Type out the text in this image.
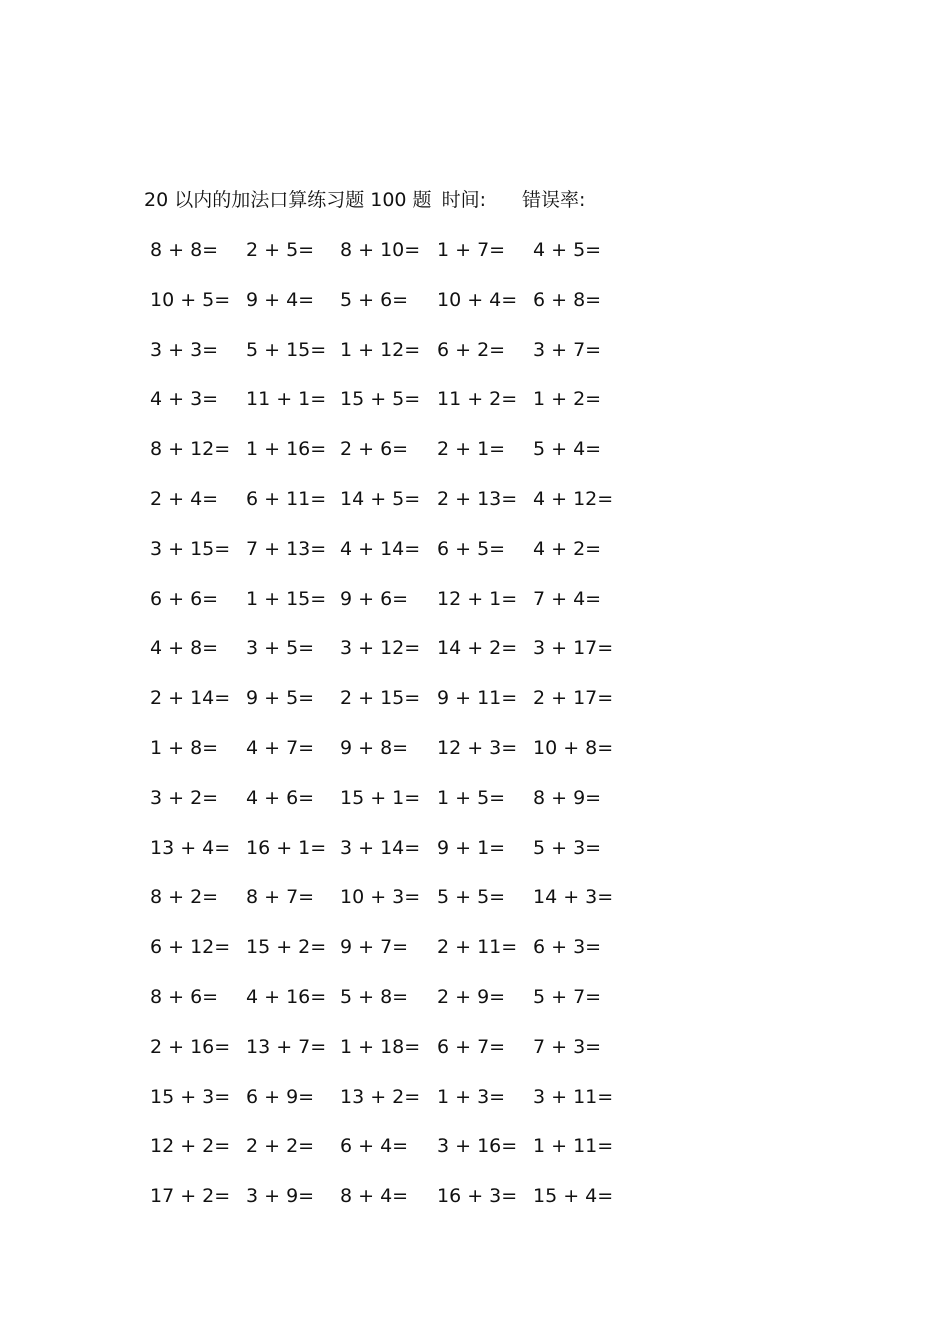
20 以内的加法口算练习题 100 题 时间: 错误率:
8 + 8= 2 + 5= 8 + 10= 1 + 7= 4 + 5=
10 + 5= 9 + 4= 5 + 6= 10 + 4= 6 + 8=
3 + 3= 5 + 15= 1 + 12= 6 + 2= 3 + 7=
4 + 3= 11 + 1= 15 + 5= 11 + 2= 1 + 2=
8 + 12= 1 + 16= 2 + 6= 2 + 1= 5 + 4=
2 + 4= 6 + 11= 14 + 5= 2 + 13= 4 + 12=
3 + 15= 7 + 13= 4 + 14= 6 + 5= 4 + 2=
6 + 6= 1 + 15= 9 + 6= 12 + 1= 7 + 4=
4 + 8= 3 + 5= 3 + 12= 14 + 2= 3 + 17=
2 + 14= 9 + 5= 2 + 15= 9 + 11= 2 + 17=
1 + 8= 4 + 7= 9 + 8= 12 + 3= 10 + 8=
3 + 2= 4 + 6= 15 + 1= 1 + 5= 8 + 9=
13 + 4= 16 + 1= 3 + 14= 9 + 1= 5 + 3=
8 + 2= 8 + 7= 10 + 3= 5 + 5= 14 + 3=
6 + 12= 15 + 2= 9 + 7= 2 + 11= 6 + 3=
8 + 6= 4 + 16= 5 + 8= 2 + 9= 5 + 7=
2 + 16= 13 + 7= 1 + 18= 6 + 7= 7 + 3=
15 + 3= 6 + 9= 13 + 2= 1 + 3= 3 + 11=
12 + 2= 2 + 2= 6 + 4= 3 + 16= 1 + 11=
17 + 2= 3 + 9= 8 + 4= 16 + 3= 15 + 4=
